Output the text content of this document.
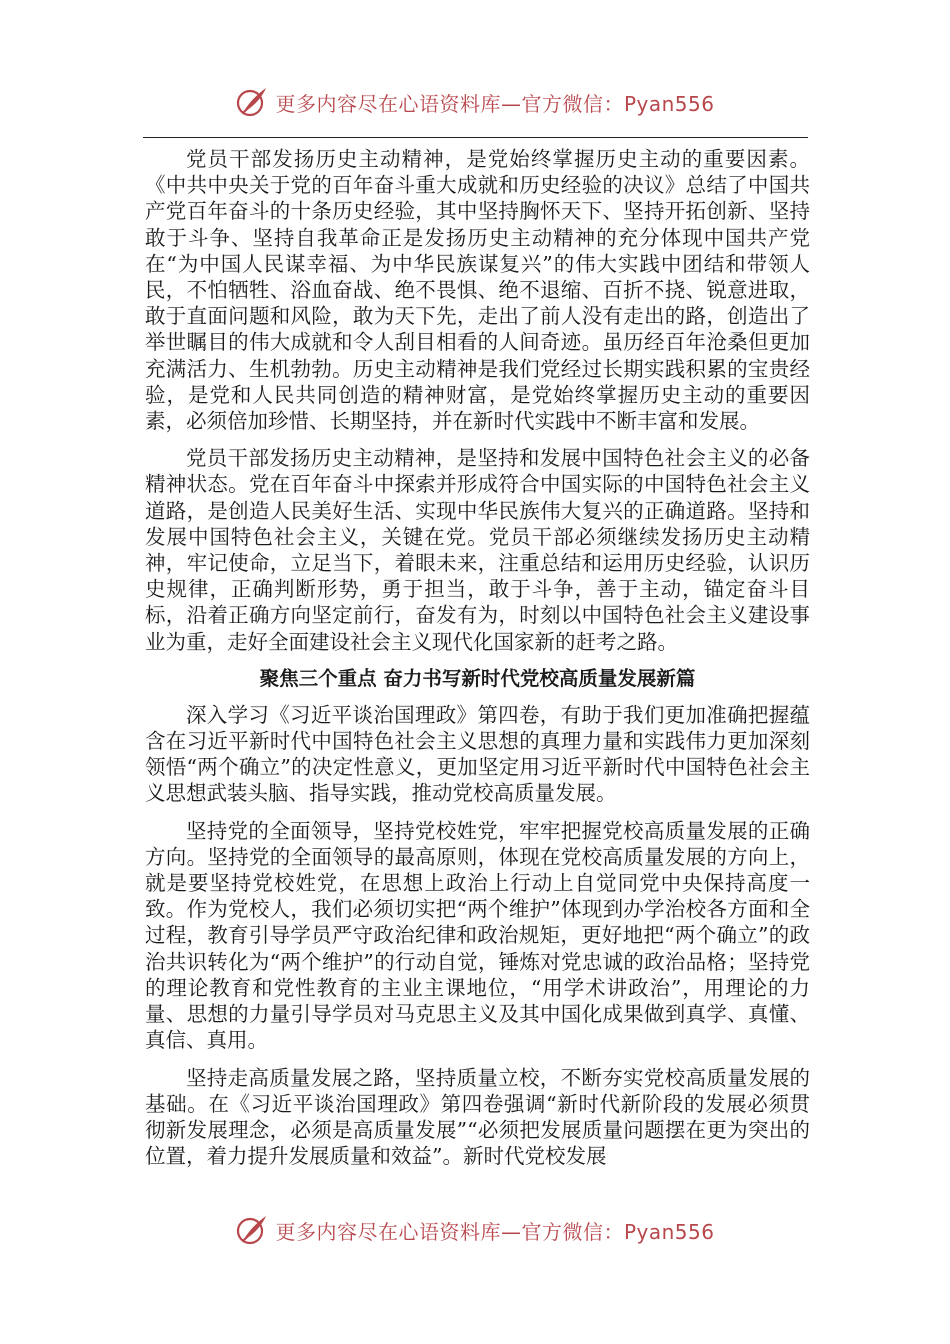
更多内容尽在心语资料库—官方微信：Pyan556

党员干部发扬历史主动精神，是党始终掌握历史主动的重要因素。《中共中央关于党的百年奋斗重大成就和历史经验的决议》总结了中国共产党百年奋斗的十条历史经验，其中坚持胸怀天下、坚持开拓创新、坚持敢于斗争、坚持自我革命正是发扬历史主动精神的充分体现中国共产党在“为中国人民谋幸福、为中华民族谋复兴”的伟大实践中团结和带领人民，不怕牺牲、浴血奋战、绝不畏惧、绝不退缩、百折不挠、锐意进取，敢于直面问题和风险，敢为天下先，走出了前人没有走出的路，创造出了举世瞩目的伟大成就和令人刮目相看的人间奇迹。虽历经百年沧桑但更加充满活力、生机勃勃。历史主动精神是我们党经过长期实践积累的宝贵经验，是党和人民共同创造的精神财富，是党始终掌握历史主动的重要因素，必须倍加珍惜、长期坚持，并在新时代实践中不断丰富和发展。

党员干部发扬历史主动精神，是坚持和发展中国特色社会主义的必备精神状态。党在百年奋斗中探索并形成符合中国实际的中国特色社会主义道路，是创造人民美好生活、实现中华民族伟大复兴的正确道路。坚持和发展中国特色社会主义，关键在党。党员干部必须继续发扬历史主动精神，牢记使命，立足当下，着眼未来，注重总结和运用历史经验，认识历史规律，正确判断形势，勇于担当，敢于斗争，善于主动，锚定奋斗目标，沿着正确方向坚定前行，奋发有为，时刻以中国特色社会主义建设事业为重，走好全面建设社会主义现代化国家新的赶考之路。

聚焦三个重点 奋力书写新时代党校高质量发展新篇

深入学习《习近平谈治国理政》第四卷，有助于我们更加准确把握蕴含在习近平新时代中国特色社会主义思想的真理力量和实践伟力更加深刻领悟“两个确立”的决定性意义，更加坚定用习近平新时代中国特色社会主义思想武装头脑、指导实践，推动党校高质量发展。

坚持党的全面领导，坚持党校姓党，牢牢把握党校高质量发展的正确方向。坚持党的全面领导的最高原则，体现在党校高质量发展的方向上，就是要坚持党校姓党，在思想上政治上行动上自觉同党中央保持高度一致。作为党校人，我们必须切实把“两个维护”体现到办学治校各方面和全过程，教育引导学员严守政治纪律和政治规矩，更好地把“两个确立”的政治共识转化为“两个维护”的行动自觉，锤炼对党忠诚的政治品格；坚持党的理论教育和党性教育的主业主课地位，“用学术讲政治”，用理论的力量、思想的力量引导学员对马克思主义及其中国化成果做到真学、真懂、真信、真用。

坚持走高质量发展之路，坚持质量立校，不断夯实党校高质量发展的基础。在《习近平谈治国理政》第四卷强调“新时代新阶段的发展必须贯彻新发展理念，必须是高质量发展”“必须把发展质量问题摆在更为突出的位置，着力提升发展质量和效益”。新时代党校发展

更多内容尽在心语资料库—官方微信：Pyan556
